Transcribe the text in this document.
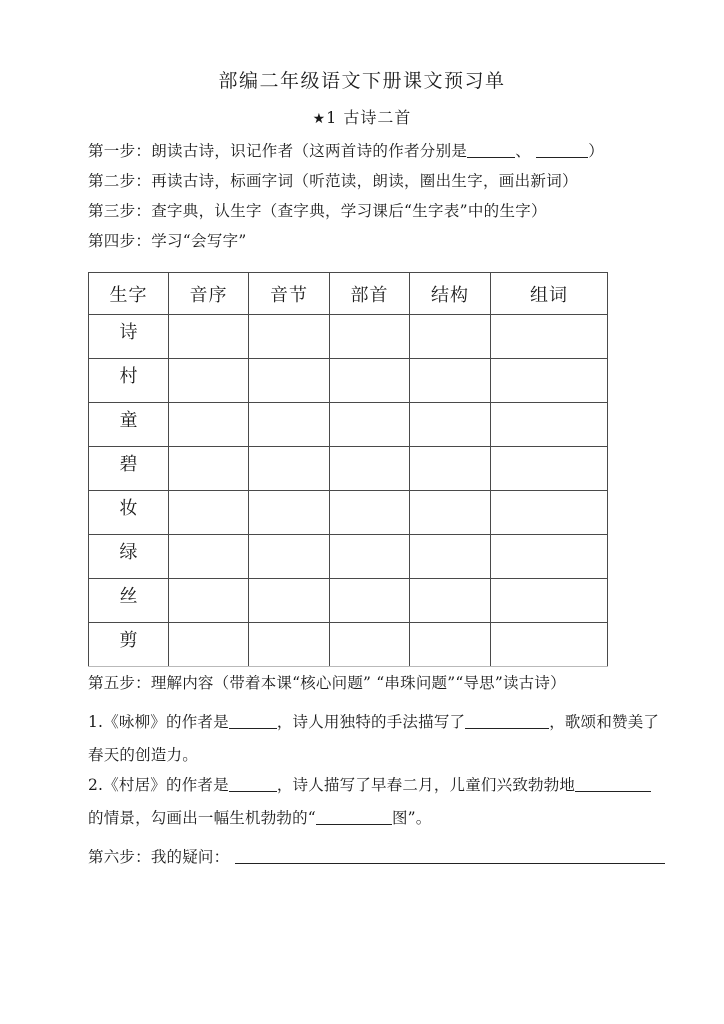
部编二年级语文下册课文预习单
★1 古诗二首
第一步：朗读古诗，识记作者（这两首诗的作者分别是	、	）
第二步：再读古诗，标画字词（听范读，朗读，圈出生字，画出新词）
第三步：查字典，认生字（查字典，学习课后“生字表”中的生字）
第四步：学习“会写字”
生字	音序	音节	部首	结构	组词
诗					
村					
童					
碧					
妆					
绿					
丝					
剪					
第五步：理解内容（带着本课“核心问题” “串珠问题”“导思”读古诗）
1.《咏柳》的作者是	，诗人用独特的手法描写了	，歌颂和赞美了春天的创造力。
2.《村居》的作者是	，诗人描写了早春二月，儿童们兴致勃勃地的情景，勾画出一幅生机勃勃的“	图”。
第六步：我的疑问：
